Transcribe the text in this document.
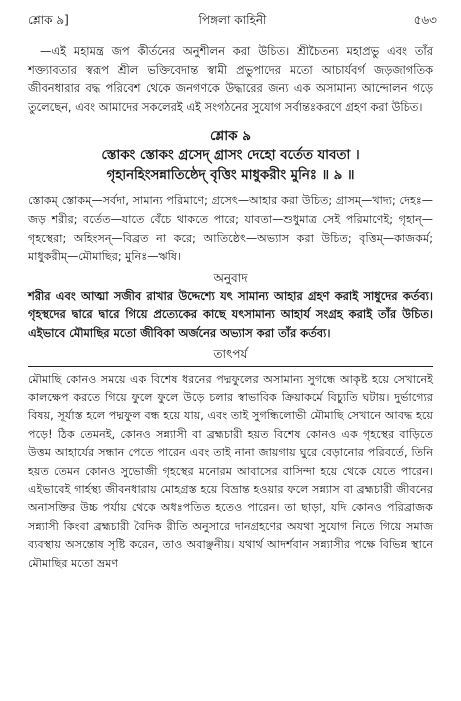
শ্লোক ৯]	পিঙ্গলা কাহিনী	৫৬৩

—এই মহামন্ত্র জপ কীর্তনের অনুশীলন করা উচিত। শ্রীচৈতন্য মহাপ্রভু এবং তাঁর শক্ত্যাবতার স্বরূপ শ্রীল ভক্তিবেদান্ত স্বামী প্রভুপাদের মতো আচার্যবর্গ জড়জাগতিক জীবনধারার বদ্ধ পরিবেশ থেকে জনগণকে উদ্ধারের জন্য এক অসামান্য আন্দোলন গড়ে তুলেছেন, এবং আমাদের সকলেরই এই সংগঠনের সুযোগ সর্বান্তঃকরণে গ্রহণ করা উচিত।

শ্লোক ৯
স্তোকং স্তোকং গ্রসেদ্ গ্রাসং দেহো বর্তেত যাবতা ।
গৃহানহিংসন্নাতিষ্ঠেদ্ বৃত্তিং মাধুকরীং মুনিঃ ॥ ৯ ॥

স্তোকম্ স্তোকম্—সর্বদা, সামান্য পরিমাণে; গ্রসেৎ—আহার করা উচিত; গ্রাসম্—খাদ্য; দেহঃ—জড় শরীর; বর্তেত—যাতে বেঁচে থাকতে পারে; যাবতা—শুধুমাত্র সেই পরিমাণেই; গৃহান্—গৃহস্থেরা; অহিংসন্—বিব্রত না করে; আতিষ্ঠেৎ—অভ্যাস করা উচিত; বৃত্তিম্—কাজকর্ম; মাধুকরীম্—মৌমাছির; মুনিঃ—ঋষি।

অনুবাদ

শরীর এবং আত্মা সজীব রাখার উদ্দেশ্যে যৎ সামান্য আহার গ্রহণ করাই সাধুদের কর্তব্য। গৃহস্থদের দ্বারে দ্বারে গিয়ে প্রত্যেকের কাছে যৎসামান্য আহার্য সংগ্রহ করাই তাঁর উচিত। এইভাবে মৌমাছির মতো জীবিকা অর্জনের অভ্যাস করা তাঁর কর্তব্য।

তাৎপর্য

মৌমাছি কোনও সময়ে এক বিশেষ ধরনের পদ্মফুলের অসামান্য সুগন্ধে আকৃষ্ট হয়ে সেখানেই কালক্ষেপ করতে গিয়ে ফুলে ফুলে উড়ে চলার স্বাভাবিক ক্রিয়াকর্মে বিচ্যুতি ঘটায়। দুর্ভাগ্যের বিষয়, সূর্যাস্ত হলে পদ্মফুল বন্ধ হয়ে যায়, এবং তাই সুগন্ধিলোভী মৌমাছি সেখানে আবদ্ধ হয়ে পড়ে! ঠিক তেমনই, কোনও সন্ন্যাসী বা ব্রহ্মচারী হয়ত বিশেষ কোনও এক গৃহস্থের বাড়িতে উত্তম আহার্যের সন্ধান পেতে পারেন এবং তাই নানা জায়গায় ঘুরে বেড়ানোর পরিবর্তে, তিনি হয়ত তেমন কোনও সুভোজী গৃহস্থের মনোরম আবাসের বাসিন্দা হয়ে থেকে যেতে পারেন। এইভাবেই গার্হস্থ্য জীবনধারায় মোহগ্রস্ত হয়ে বিভ্রান্ত হওয়ার ফলে সন্ন্যাস বা ব্রহ্মচারী জীবনের অনাসক্তির উচ্চ পর্যায় থেকে অধঃপতিত হতেও পারেন। তা ছাড়া, যদি কোনও পরিব্রাজক সন্ন্যাসী কিংবা ব্রহ্মচারী বৈদিক রীতি অনুসারে দানগ্রহণের অযথা সুযোগ নিতে গিয়ে সমাজ ব্যবস্থায় অসন্তোষ সৃষ্টি করেন, তাও অবাঞ্ছনীয়। যথার্থ আদর্শবান সন্ন্যাসীর পক্ষে বিভিন্ন স্থানে মৌমাছির মতো ভ্রমণ
